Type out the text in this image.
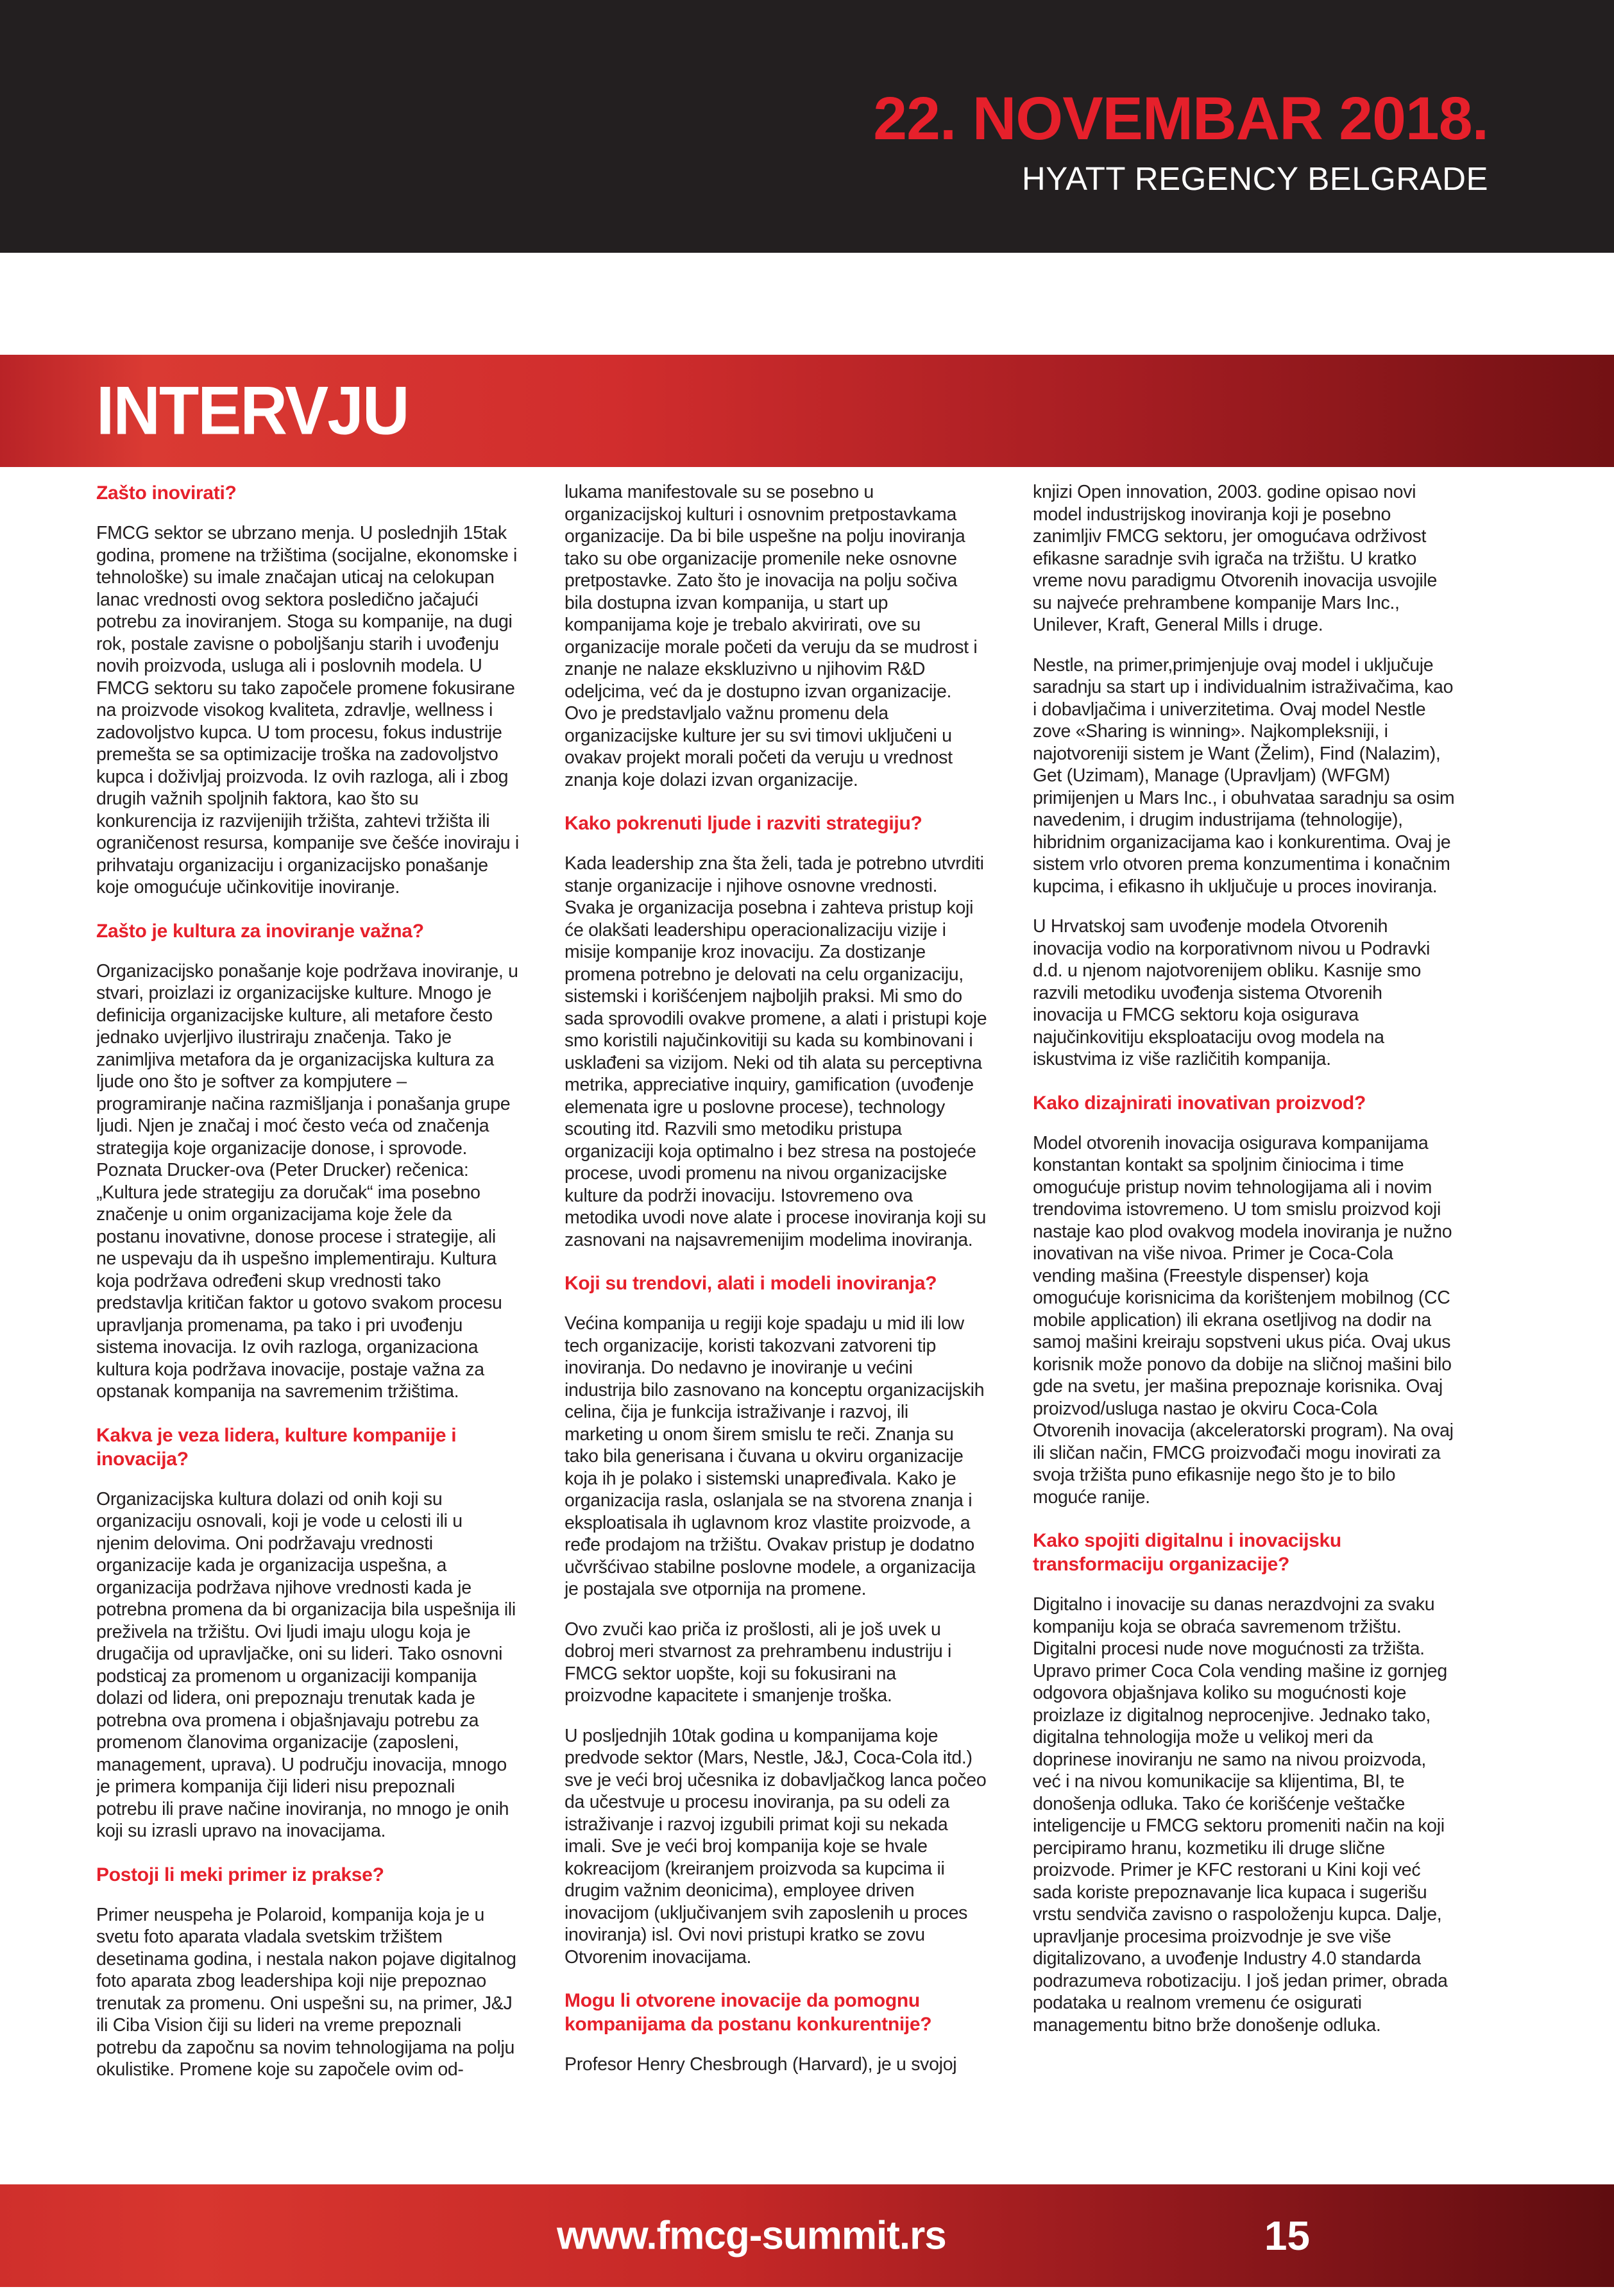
22. NOVEMBAR 2018.
HYATT REGENCY BELGRADE
INTERVJU
Zašto inovirati?

FMCG sektor se ubrzano menja. U poslednjih 15tak godina, promene na tržištima (socijalne, ekonomske i tehnološke) su imale značajan uticaj na celokupan lanac vrednosti ovog sektora posledično jačajući potrebu za inoviranjem. Stoga su kompanije, na dugi rok, postale zavisne o poboljšanju starih i uvođenju novih proizvoda, usluga ali i poslovnih modela. U FMCG sektoru su tako započele promene fokusirane na proizvode visokog kvaliteta, zdravlje, wellness i zadovoljstvo kupca. U tom procesu, fokus industrije premešta se sa optimizacije troška na zadovoljstvo kupca i doživljaj proizvoda. Iz ovih razloga, ali i zbog drugih važnih spoljnih faktora, kao što su konkurencija iz razvijenijih tržišta, zahtevi tržišta ili ograničenost resursa, kompanije sve češće inoviraju i prihvataju organizaciju i organizacijsko ponašanje koje omogućuje učinkovitije inoviranje.

Zašto je kultura za inoviranje važna?

Organizacijsko ponašanje koje podržava inoviranje, u stvari, proizlazi iz organizacijske kulture. Mnogo je definicija organizacijske kulture, ali metafore često jednako uvjerljivo ilustriraju značenja. Tako je zanimljiva metafora da je organizacijska kultura za ljude ono što je softver za kompjutere – programiranje načina razmišljanja i ponašanja grupe ljudi. Njen je značaj i moć često veća od značenja strategija koje organizacije donose, i sprovode. Poznata Drucker-ova (Peter Drucker) rečenica: „Kultura jede strategiju za doručak“ ima posebno značenje u onim organizacijama koje žele da postanu inovativne, donose procese i strategije, ali ne uspevaju da ih uspešno implementiraju. Kultura koja podržava određeni skup vrednosti tako predstavlja kritičan faktor u gotovo svakom procesu upravljanja promenama, pa tako i pri uvođenju sistema inovacija. Iz ovih razloga, organizaciona kultura koja podržava inovacije, postaje važna za opstanak kompanija na savremenim tržištima.

Kakva je veza lidera, kulture kompanije i inovacija?

Organizacijska kultura dolazi od onih koji su organizaciju osnovali, koji je vode u celosti ili u njenim delovima. Oni podržavaju vrednosti organizacije kada je organizacija uspešna, a organizacija podržava njihove vrednosti kada je potrebna promena da bi organizacija bila uspešnija ili preživela na tržištu. Ovi ljudi imaju ulogu koja je drugačija od upravljačke, oni su lideri. Tako osnovni podsticaj za promenom u organizaciji kompanija dolazi od lidera, oni prepoznaju trenutak kada je potrebna ova promena i objašnjavaju potrebu za promenom članovima organizacije (zaposleni, management, uprava). U području inovacija, mnogo je primera kompanija čiji lideri nisu prepoznali potrebu ili prave načine inoviranja, no mnogo je onih koji su izrasli upravo na inovacijama.

Postoji li meki primer iz prakse?

Primer neuspeha je Polaroid, kompanija koja je u svetu foto aparata vladala svetskim tržištem desetinama godina, i nestala nakon pojave digitalnog foto aparata zbog leadershipa koji nije prepoznao trenutak za promenu. Oni uspešni su, na primer, J&J ili Ciba Vision čiji su lideri na vreme prepoznali potrebu da započnu sa novim tehnologijama na polju okulistike. Promene koje su započele ovim od-

lukama manifestovale su se posebno u organizacijskoj kulturi i osnovnim pretpostavkama organizacije. Da bi bile uspešne na polju inoviranja tako su obe organizacije promenile neke osnovne pretpostavke. Zato što je inovacija na polju sočiva bila dostupna izvan kompanija, u start up kompanijama koje je trebalo akvirirati, ove su organizacije morale početi da veruju da se mudrost i znanje ne nalaze ekskluzivno u njihovim R&D odeljcima, već da je dostupno izvan organizacije. Ovo je predstavljalo važnu promenu dela organizacijske kulture jer su svi timovi uključeni u ovakav projekt morali početi da veruju u vrednost znanja koje dolazi izvan organizacije.

Kako pokrenuti ljude i razviti strategiju?

Kada leadership zna šta želi, tada je potrebno utvrditi stanje organizacije i njihove osnovne vrednosti. Svaka je organizacija posebna i zahteva pristup koji će olakšati leadershipu operacionalizaciju vizije i misije kompanije kroz inovaciju. Za dostizanje promena potrebno je delovati na celu organizaciju, sistemski i korišćenjem najboljih praksi. Mi smo do sada sprovodili ovakve promene, a alati i pristupi koje smo koristili najučinkovitiji su kada su kombinovani i usklađeni sa vizijom. Neki od tih alata su perceptivna metrika, appreciative inquiry, gamification (uvođenje elemenata igre u poslovne procese), technology scouting itd. Razvili smo metodiku pristupa organizaciji koja optimalno i bez stresa na postojeće procese, uvodi promenu na nivou organizacijske kulture da podrži inovaciju. Istovremeno ova metodika uvodi nove alate i procese inoviranja koji su zasnovani na najsavremenijim modelima inoviranja.

Koji su trendovi, alati i modeli inoviranja?

Većina kompanija u regiji koje spadaju u mid ili low tech organizacije, koristi takozvani zatvoreni tip inoviranja. Do nedavno je inoviranje u većini industrija bilo zasnovano na konceptu organizacijskih celina, čija je funkcija istraživanje i razvoj, ili marketing u onom širem smislu te reči. Znanja su tako bila generisana i čuvana u okviru organizacije koja ih je polako i sistemski unapređivala. Kako je organizacija rasla, oslanjala se na stvorena znanja i eksploatisala ih uglavnom kroz vlastite proizvode, a ređe prodajom na tržištu. Ovakav pristup je dodatno učvršćivao stabilne poslovne modele, a organizacija je postajala sve otpornija na promene.

Ovo zvuči kao priča iz prošlosti, ali je još uvek u dobroj meri stvarnost za prehrambenu industriju i FMCG sektor uopšte, koji su fokusirani na proizvodne kapacitete i smanjenje troška.

U posljednjih 10tak godina u kompanijama koje predvode sektor (Mars, Nestle, J&J, Coca-Cola itd.) sve je veći broj učesnika iz dobavljačkog lanca počeo da učestvuje u procesu inoviranja, pa su odeli za istraživanje i razvoj izgubili primat koji su nekada imali. Sve je veći broj kompanija koje se hvale kokreacijom (kreiranjem proizvoda sa kupcima ii drugim važnim deonicima), employee driven inovacijom (uključivanjem svih zaposlenih u proces inoviranja) isl. Ovi novi pristupi kratko se zovu Otvorenim inovacijama.

Mogu li otvorene inovacije da pomognu kompanijama da postanu konkurentnije?

Profesor Henry Chesbrough (Harvard), je u svojoj

knjizi Open innovation, 2003. godine opisao novi model industrijskog inoviranja koji je posebno zanimljiv FMCG sektoru, jer omogućava održivost efikasne saradnje svih igrača na tržištu. U kratko vreme novu paradigmu Otvorenih inovacija usvojile su najveće prehrambene kompanije Mars Inc., Unilever, Kraft, General Mills i druge.

Nestle, na primer,primjenjuje ovaj model i uključuje saradnju sa start up i individualnim istraživačima, kao i dobavljačima i univerzitetima. Ovaj model Nestle zove «Sharing is winning». Najkompleksniji, i najotvoreniji sistem je Want (Želim), Find (Nalazim), Get (Uzimam), Manage (Upravljam) (WFGM) primijenjen u Mars Inc., i obuhvataa saradnju sa osim navedenim, i drugim industrijama (tehnologije), hibridnim organizacijama kao i konkurentima. Ovaj je sistem vrlo otvoren prema konzumentima i konačnim kupcima, i efikasno ih uključuje u proces inoviranja.

U Hrvatskoj sam uvođenje modela Otvorenih inovacija vodio na korporativnom nivou u Podravki d.d. u njenom najotvorenijem obliku. Kasnije smo razvili metodiku uvođenja sistema Otvorenih inovacija u FMCG sektoru koja osigurava najučinkovitiju eksploataciju ovog modela na iskustvima iz više različitih kompanija.

Kako dizajnirati inovativan proizvod?

Model otvorenih inovacija osigurava kompanijama konstantan kontakt sa spoljnim činiocima i time omogućuje pristup novim tehnologijama ali i novim trendovima istovremeno. U tom smislu proizvod koji nastaje kao plod ovakvog modela inoviranja je nužno inovativan na više nivoa. Primer je Coca-Cola vending mašina (Freestyle dispenser) koja omogućuje korisnicima da korištenjem mobilnog (CC mobile application) ili ekrana osetljivog na dodir na samoj mašini kreiraju sopstveni ukus pića. Ovaj ukus korisnik može ponovo da dobije na sličnoj mašini bilo gde na svetu, jer mašina prepoznaje korisnika. Ovaj proizvod/usluga nastao je okviru Coca-Cola Otvorenih inovacija (akceleratorski program). Na ovaj ili sličan način, FMCG proizvođači mogu inovirati za svoja tržišta puno efikasnije nego što je to bilo moguće ranije.

Kako spojiti digitalnu i inovacijsku transformaciju organizacije?

Digitalno i inovacije su danas nerazdvojni za svaku kompaniju koja se obraća savremenom tržištu. Digitalni procesi nude nove mogućnosti za tržišta. Upravo primer Coca Cola vending mašine iz gornjeg odgovora objašnjava koliko su mogućnosti koje proizlaze iz digitalnog neprocenjive. Jednako tako, digitalna tehnologija može u velikoj meri da doprinese inoviranju ne samo na nivou proizvoda, već i na nivou komunikacije sa klijentima, BI, te donošenja odluka. Tako će korišćenje veštačke inteligencije u FMCG sektoru promeniti način na koji percipiramo hranu, kozmetiku ili druge slične proizvode. Primer je KFC restorani u Kini koji već sada koriste prepoznavanje lica kupaca i sugerišu vrstu sendviča zavisno o raspoloženju kupca. Dalje, upravljanje procesima proizvodnje je sve više digitalizovano, a uvođenje Industry 4.0 standarda podrazumeva robotizaciju. I još jedan primer, obrada podataka u realnom vremenu će osigurati managementu bitno brže donošenje odluka.

www.fmcg-summit.rs	15
